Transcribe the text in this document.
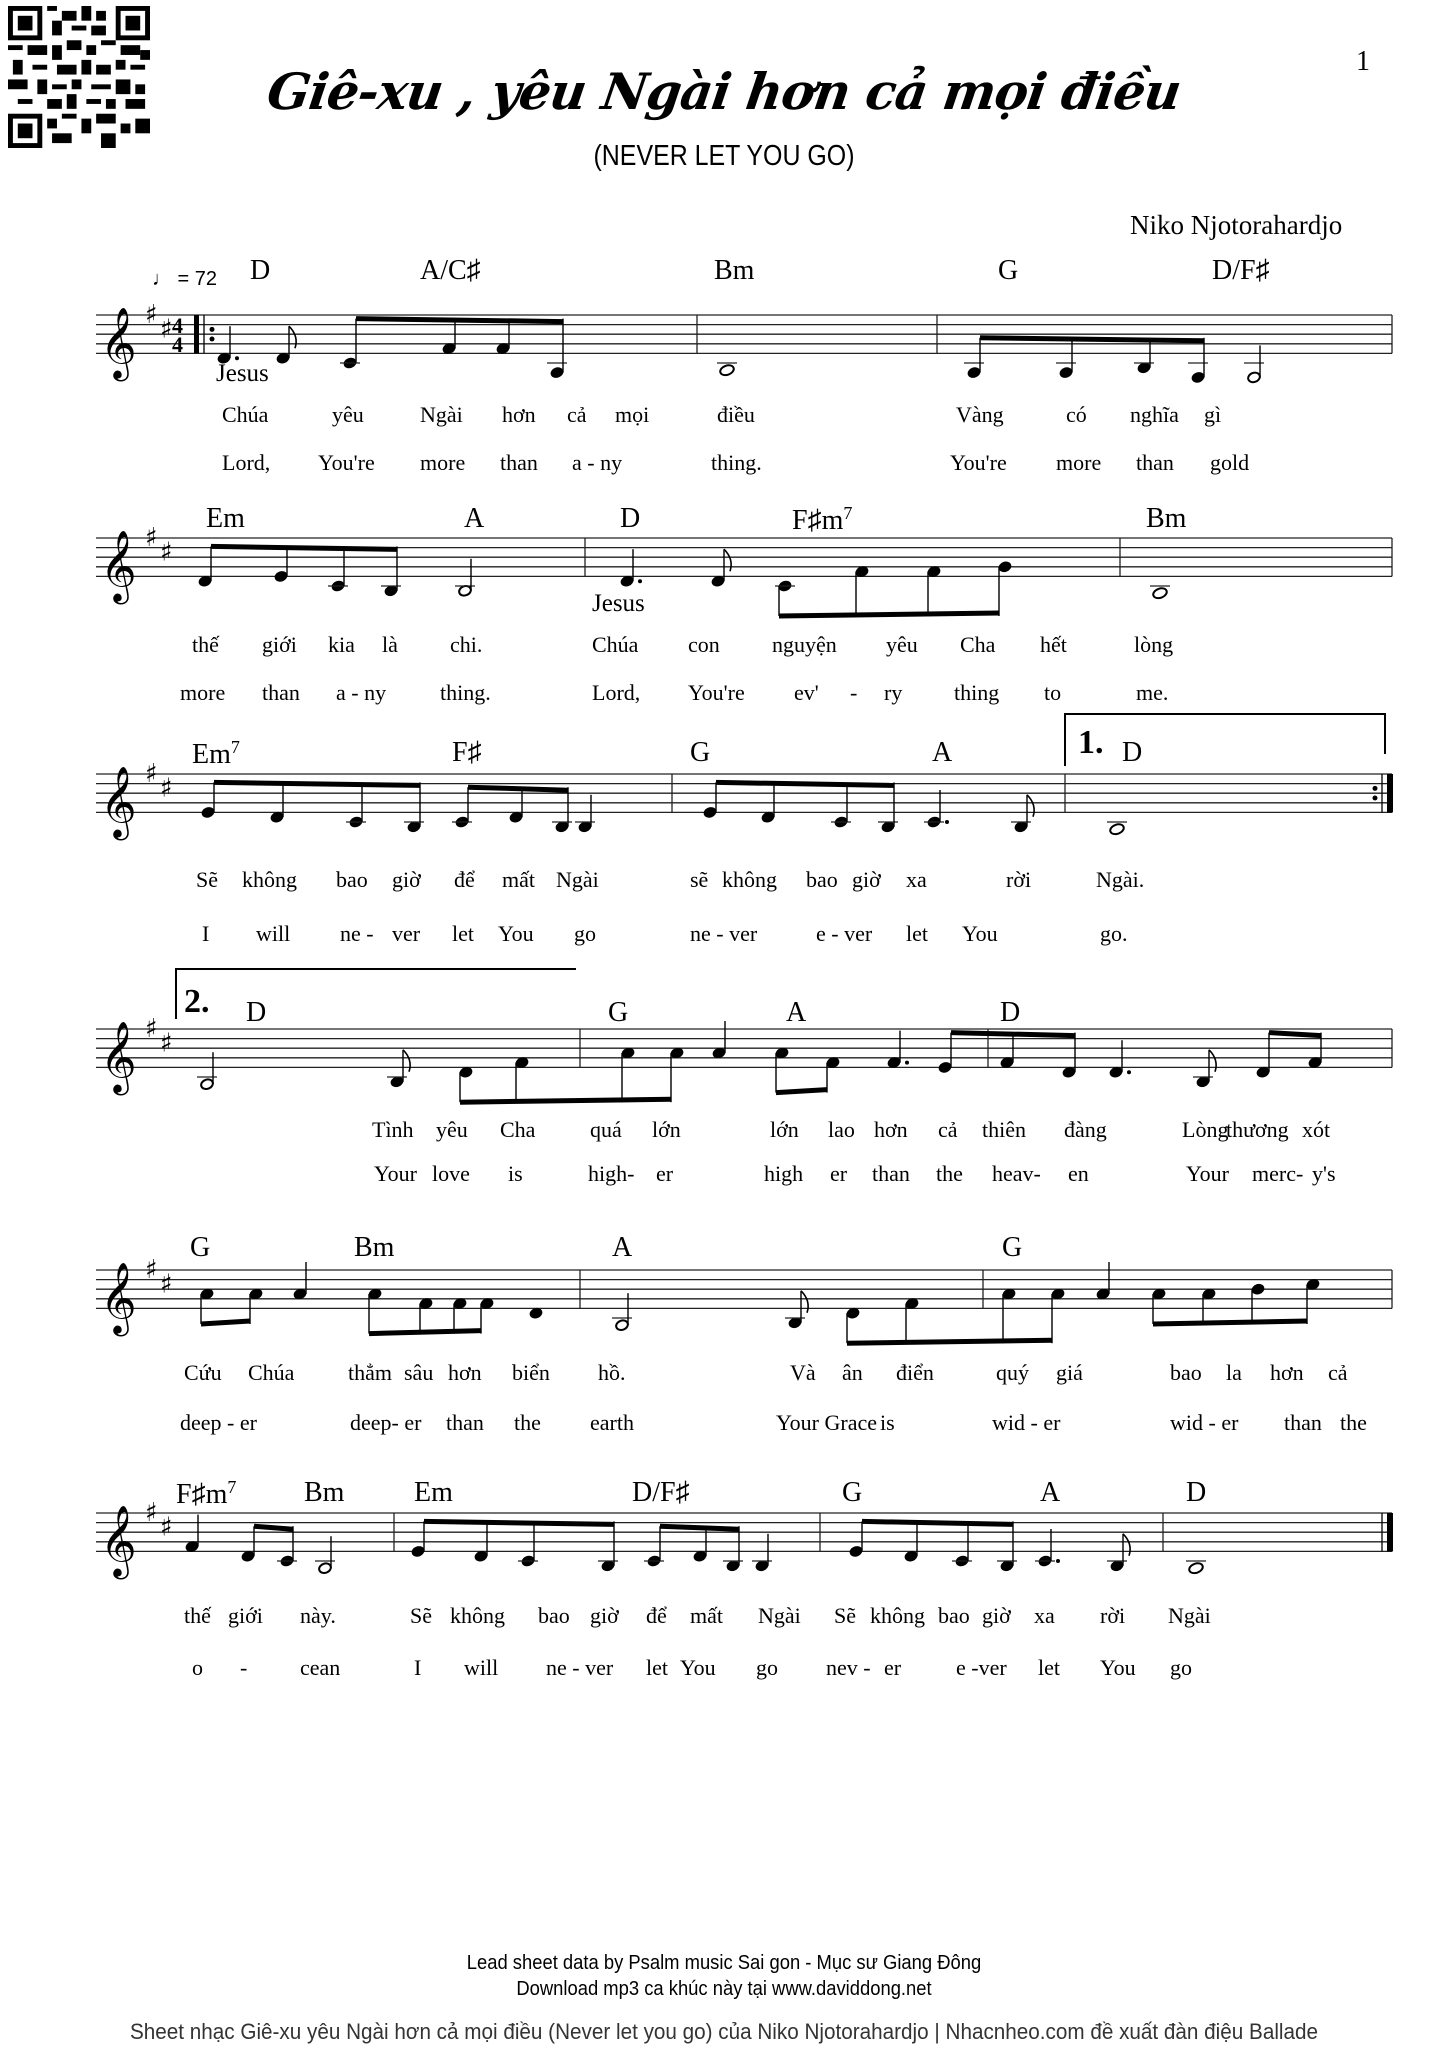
Giê-xu , yêu Ngài hơn cả mọi điều
(NEVER LET YOU GO)
1
Niko Njotorahardjo
♩ = 72
𝄞 ♯ ♯ 4
4
D	A/C♯	Bm	G	D/F♯
Jesus
Chúa	yêu	Ngài hơn cả mọi	điều	Vàng	có nghĩa gì
Lord, You're more than a - ny	thing.	You're more than gold
𝄞 ♯ ♯
Em	A	D	$F♯m^7$	Bm
Jesus
thế giới kia là chi.	Chúa con nguyện yêu Cha hết	lòng
more than a - ny thing.	Lord, You're ev' - ry thing to	me.
𝄞 ♯ ♯
Em$^7$	F♯	G	A	D
1.
Sẽ không bao giờ để mất Ngài	sẽ không bao giờ xa	rời	Ngài.
I will ne - ver let You go	ne - ver	e - ver let You	go.
𝄞 ♯ ♯
D	G	A	D
2.
Tình yêu Cha quá lớn	lớn lao hơn cả thiên đàng	Lòng
thương xót
Your love is	high- er	high er than the heav- en	Your merc- y's
𝄞 ♯ ♯
G	Bm	A	G
Cứu Chúa thẳm sâu hơn biển hồ.	Và ân điển	quý giá	bao la hơn cả
deep - er	deep- er than the earth	Your Grace is	wid - er	wid - er than the
𝄞 ♯ ♯
$F♯m^7$ Bm Em	D/F♯	G	A	D
thế giới này.	Sẽ không bao giờ để mất Ngài Sẽ không bao giờ xa rời Ngài
o - cean	I will ne - ver let You go nev - er e -ver let You go
Lead sheet data by Psalm music Sai gon - Mục sư Giang Đông
Download mp3 ca khúc này tại www.daviddong.net
Sheet nhạc Giê-xu yêu Ngài hơn cả mọi điều (Never let you go) của Niko Njotorahardjo | Nhacnheo.com đề xuất đàn điệu Ballade
